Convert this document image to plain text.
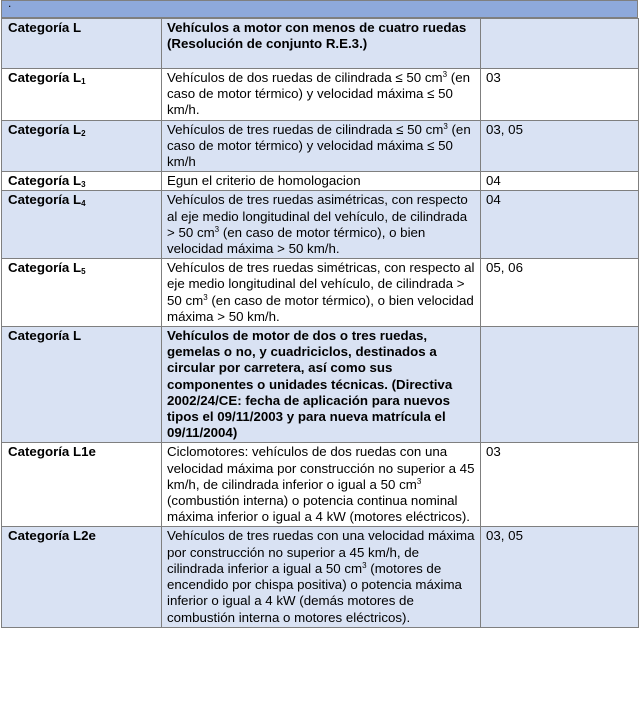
.
Categoría L	Vehículos a motor con menos de cuatro ruedas (Resolución de conjunto R.E.3.)	
Categoría $L_1$	Vehículos de dos ruedas de cilindrada ≤ 50 $cm^3$ (en caso de motor térmico) y velocidad máxima ≤ 50 km/h.	03
Categoría $L_2$	Vehículos de tres ruedas de cilindrada ≤ 50 $cm^3$ (en caso de motor térmico) y velocidad máxima ≤ 50 km/h	03, 05
Categoría $L_3$	Egun el criterio de homologacion	04
Categoría $L_4$	Vehículos de tres ruedas asimétricas, con respecto al eje medio longitudinal del vehículo, de cilindrada > 50 $cm^3$ (en caso de motor térmico), o bien velocidad máxima > 50 km/h.	04
Categoría $L_5$	Vehículos de tres ruedas simétricas, con respecto al eje medio longitudinal del vehículo, de cilindrada > 50 $cm^3$ (en caso de motor térmico), o bien velocidad máxima > 50 km/h.	05, 06
Categoría L	Vehículos de motor de dos o tres ruedas, gemelas o no, y cuadriciclos, destinados a circular por carretera, así como sus componentes o unidades técnicas. (Directiva 2002/24/CE: fecha de aplicación para nuevos tipos el 09/11/2003 y para nueva matrícula el 09/11/2004)	
Categoría L1e	Ciclomotores: vehículos de dos ruedas con una velocidad máxima por construcción no superior a 45 km/h, de cilindrada inferior o igual a 50 $cm^3$ (combustión interna) o potencia continua nominal máxima inferior o igual a 4 kW (motores eléctricos).	03
Categoría L2e	Vehículos de tres ruedas con una velocidad máxima por construcción no superior a 45 km/h, de cilindrada inferior a igual a 50 $cm^3$ (motores de encendido por chispa positiva) o potencia máxima inferior o igual a 4 kW (demás motores de combustión interna o motores eléctricos).	03, 05
